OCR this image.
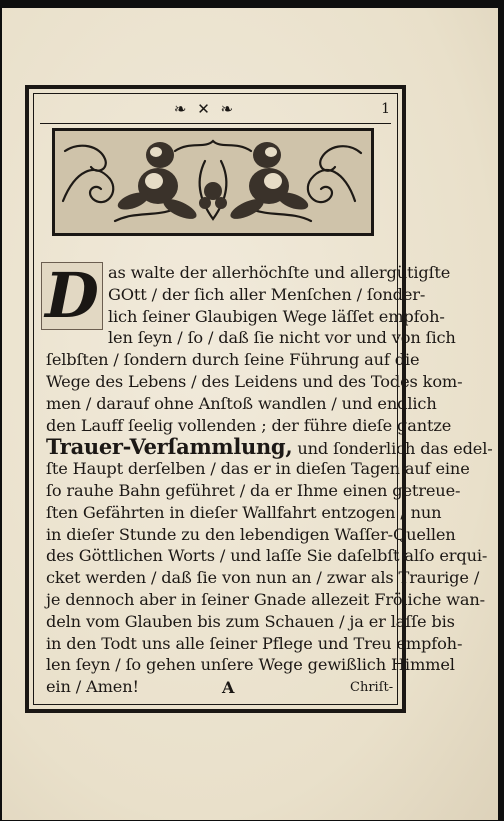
❧ ✕ ❧	1
D as walte der allerhöchſte und allergütigſte
GOtt / der ſich aller Menſchen / ſonder-
lich ſeiner Glaubigen Wege läſſet empfoh-
len ſeyn / ſo / daß ſie nicht vor und von ſich
ſelbſten / ſondern durch ſeine Führung auf die
Wege des Lebens / des Leidens und des Todes kom-
men / darauf ohne Anſtoß wandlen / und endlich
den Lauff ſeelig vollenden ; der führe dieſe gantze
Trauer-Verſammlung, und ſonderlich das edel-
ſte Haupt derſelben / das er in dieſen Tagen auf eine
ſo rauhe Bahn geführet / da er Ihme einen getreue-
ſten Gefährten in dieſer Wallfahrt entzogen / nun
in dieſer Stunde zu den lebendigen Waſſer-Quellen
des Göttlichen Worts / und laſſe Sie daſelbſt alſo erqui-
cket werden / daß ſie von nun an / zwar als Traurige /
je dennoch aber in ſeiner Gnade allezeit Fröliche wan-
deln vom Glauben bis zum Schauen / ja er laſſe bis
in den Todt uns alle ſeiner Pflege und Treu empfoh-
len ſeyn / ſo gehen unſere Wege gewißlich Himmel
ein / Amen!	A	Chriſt-
